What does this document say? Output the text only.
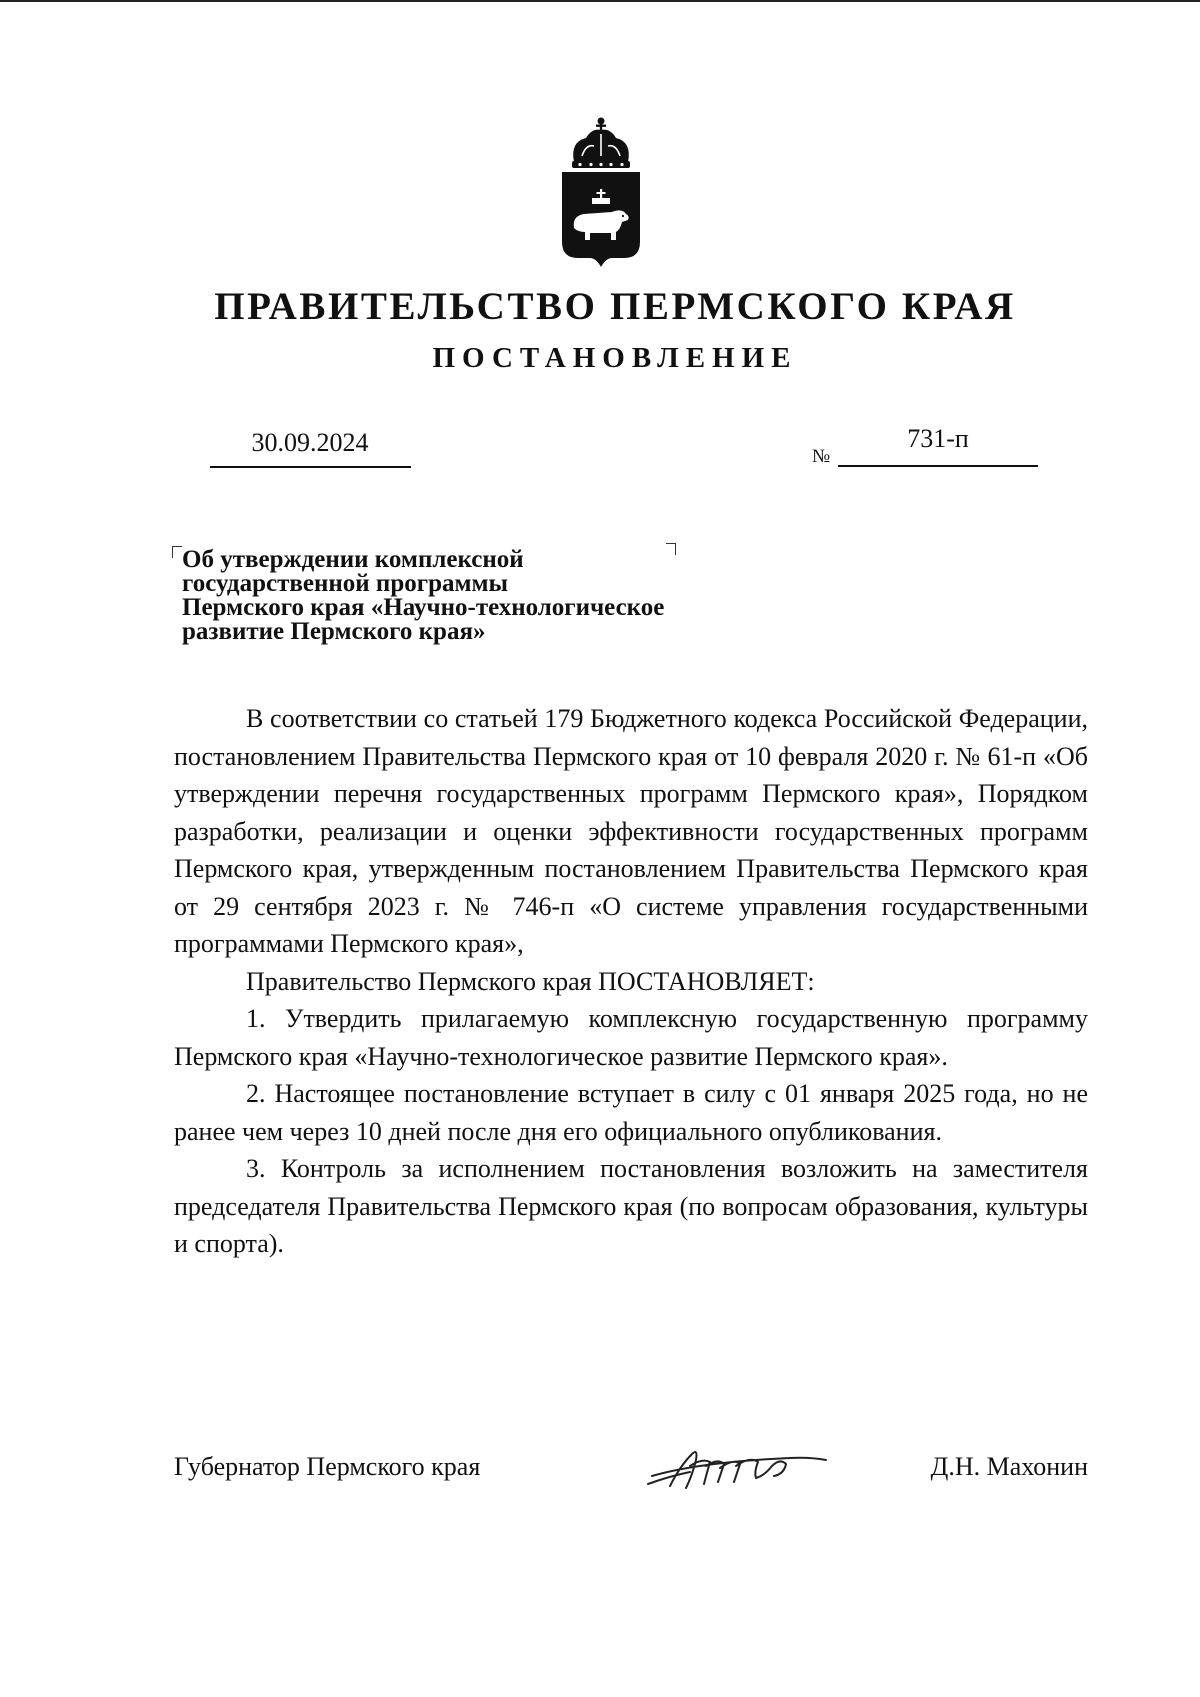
ПРАВИТЕЛЬСТВО ПЕРМСКОГО КРАЯ
ПОСТАНОВЛЕНИЕ
30.09.2024	№
731-п
Об утверждении комплексной
государственной программы
Пермского края «Научно-технологическое
развитие Пермского края»

В соответствии со статьей 179 Бюджетного кодекса Российской Федерации, постановлением Правительства Пермского края от 10 февраля 2020 г. № 61-п «Об утверждении перечня государственных программ Пермского края», Порядком разработки, реализации и оценки эффективности государственных программ Пермского края, утвержденным постановлением Правительства Пермского края от 29 сентября 2023 г. № 746-п «О системе управления государственными программами Пермского края»,

Правительство Пермского края ПОСТАНОВЛЯЕТ:

1. Утвердить прилагаемую комплексную государственную программу Пермского края «Научно-технологическое развитие Пермского края».

2. Настоящее постановление вступает в силу с 01 января 2025 года, но не ранее чем через 10 дней после дня его официального опубликования.

3. Контроль за исполнением постановления возложить на заместителя председателя Правительства Пермского края (по вопросам образования, культуры и спорта).

Губернатор Пермского края	Д.Н. Махонин
